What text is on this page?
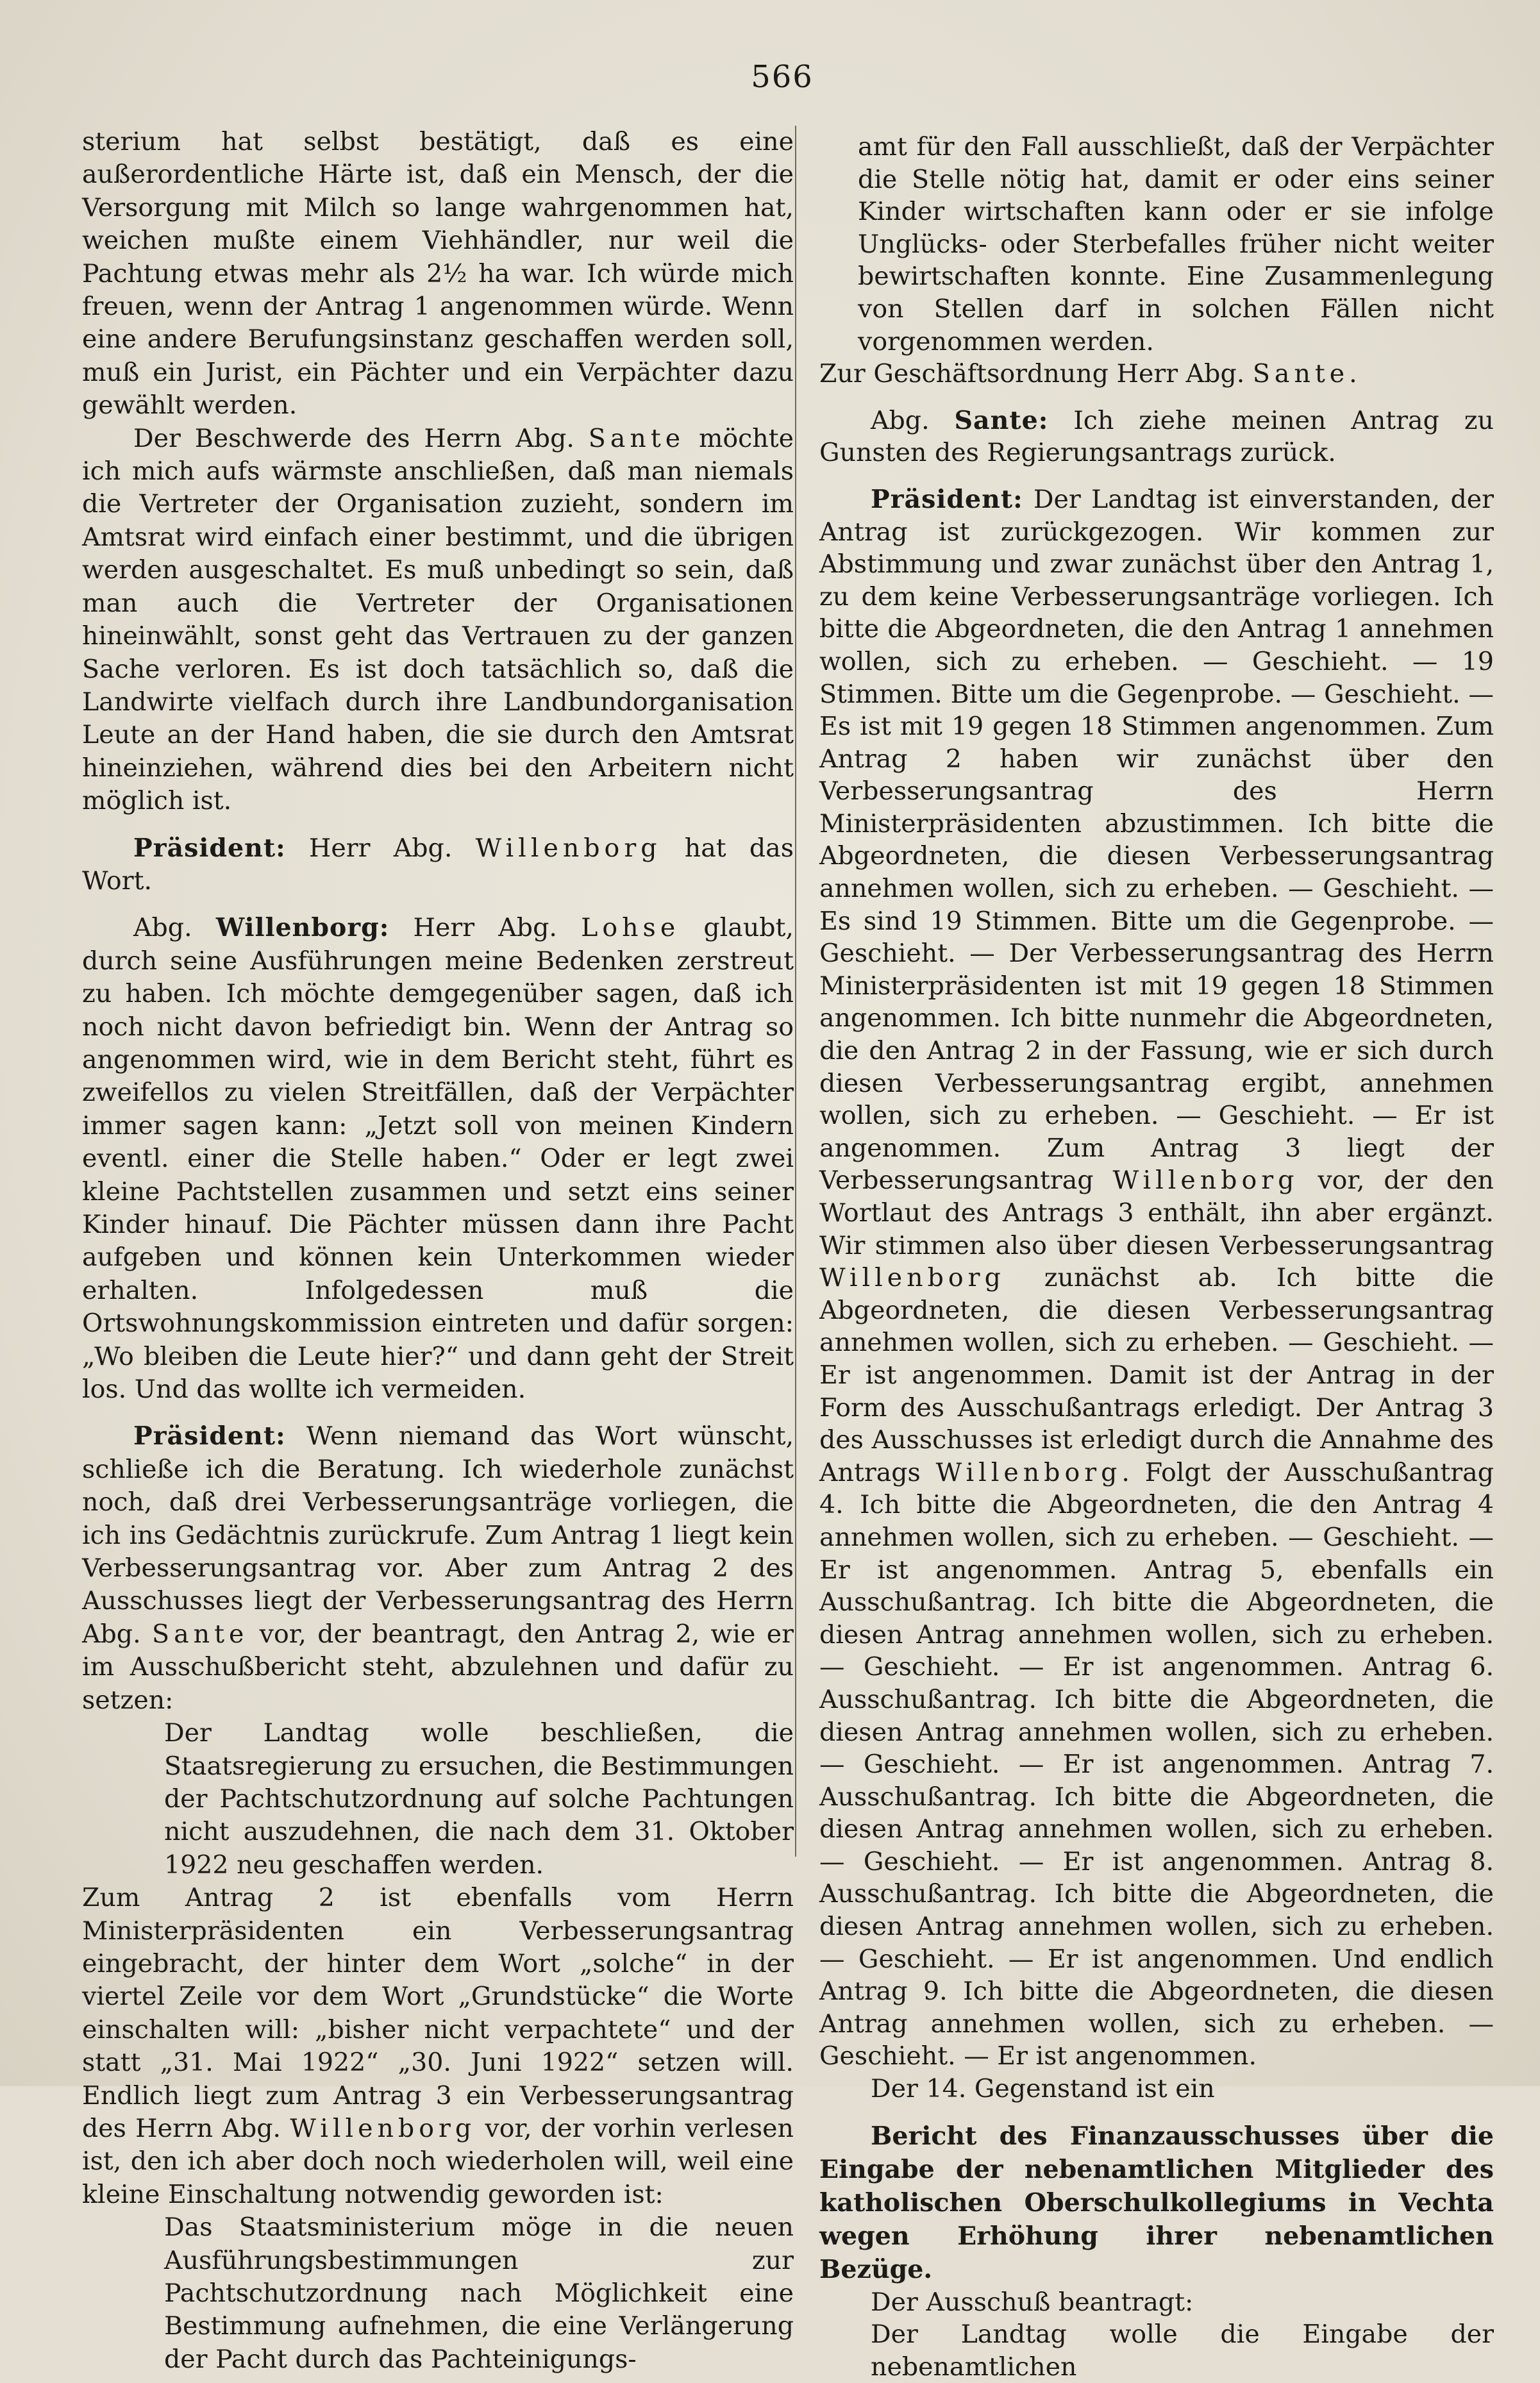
566

sterium hat selbst bestätigt, daß es eine außerordentliche Härte ist, daß ein Mensch, der die Versorgung mit Milch so lange wahrgenommen hat, weichen mußte einem Viehhändler, nur weil die Pachtung etwas mehr als 2½ ha war. Ich würde mich freuen, wenn der Antrag 1 angenommen würde. Wenn eine andere Berufungsinstanz geschaffen werden soll, muß ein Jurist, ein Pächter und ein Verpächter dazu gewählt werden.

Der Beschwerde des Herrn Abg. Sante möchte ich mich aufs wärmste anschließen, daß man niemals die Vertreter der Organisation zuzieht, sondern im Amtsrat wird einfach einer bestimmt, und die übrigen werden ausgeschaltet. Es muß unbedingt so sein, daß man auch die Vertreter der Organisationen hineinwählt, sonst geht das Vertrauen zu der ganzen Sache verloren. Es ist doch tatsächlich so, daß die Landwirte vielfach durch ihre Landbundorganisation Leute an der Hand haben, die sie durch den Amtsrat hineinziehen, während dies bei den Arbeitern nicht möglich ist.

Präsident: Herr Abg. Willenborg hat das Wort.

Abg. Willenborg: Herr Abg. Lohse glaubt, durch seine Ausführungen meine Bedenken zerstreut zu haben. Ich möchte demgegenüber sagen, daß ich noch nicht davon befriedigt bin. Wenn der Antrag so angenommen wird, wie in dem Bericht steht, führt es zweifellos zu vielen Streitfällen, daß der Verpächter immer sagen kann: „Jetzt soll von meinen Kindern eventl. einer die Stelle haben.“ Oder er legt zwei kleine Pachtstellen zusammen und setzt eins seiner Kinder hinauf. Die Pächter müssen dann ihre Pacht aufgeben und können kein Unterkommen wieder erhalten. Infolgedessen muß die Ortswohnungskommission eintreten und dafür sorgen: „Wo bleiben die Leute hier?“ und dann geht der Streit los. Und das wollte ich vermeiden.

Präsident: Wenn niemand das Wort wünscht, schließe ich die Beratung. Ich wiederhole zunächst noch, daß drei Verbesserungsanträge vorliegen, die ich ins Gedächtnis zurückrufe. Zum Antrag 1 liegt kein Verbesserungsantrag vor. Aber zum Antrag 2 des Ausschusses liegt der Verbesserungsantrag des Herrn Abg. Sante vor, der beantragt, den Antrag 2, wie er im Ausschußbericht steht, abzulehnen und dafür zu setzen:

Der Landtag wolle beschließen, die Staatsregierung zu ersuchen, die Bestimmungen der Pachtschutzordnung auf solche Pachtungen nicht auszudehnen, die nach dem 31. Oktober 1922 neu geschaffen werden.

Zum Antrag 2 ist ebenfalls vom Herrn Ministerpräsidenten ein Verbesserungsantrag eingebracht, der hinter dem Wort „solche“ in der viertel Zeile vor dem Wort „Grundstücke“ die Worte einschalten will: „bisher nicht verpachtete“ und der statt „31. Mai 1922“ „30. Juni 1922“ setzen will. Endlich liegt zum Antrag 3 ein Verbesserungsantrag des Herrn Abg. Willenborg vor, der vorhin verlesen ist, den ich aber doch noch wiederholen will, weil eine kleine Einschaltung notwendig geworden ist:

Das Staatsministerium möge in die neuen Ausführungsbestimmungen zur Pachtschutzordnung nach Möglichkeit eine Bestimmung aufnehmen, die eine Verlängerung der Pacht durch das Pachteinigungs-

amt für den Fall ausschließt, daß der Verpächter die Stelle nötig hat, damit er oder eins seiner Kinder wirtschaften kann oder er sie infolge Unglücks- oder Sterbefalles früher nicht weiter bewirtschaften konnte. Eine Zusammenlegung von Stellen darf in solchen Fällen nicht vorgenommen werden.

Zur Geschäftsordnung Herr Abg. Sante.

Abg. Sante: Ich ziehe meinen Antrag zu Gunsten des Regierungsantrags zurück.

Präsident: Der Landtag ist einverstanden, der Antrag ist zurückgezogen. Wir kommen zur Abstimmung und zwar zunächst über den Antrag 1, zu dem keine Verbesserungsanträge vorliegen. Ich bitte die Abgeordneten, die den Antrag 1 annehmen wollen, sich zu erheben. — Geschieht. — 19 Stimmen. Bitte um die Gegenprobe. — Geschieht. — Es ist mit 19 gegen 18 Stimmen angenommen. Zum Antrag 2 haben wir zunächst über den Verbesserungsantrag des Herrn Ministerpräsidenten abzustimmen. Ich bitte die Abgeordneten, die diesen Verbesserungsantrag annehmen wollen, sich zu erheben. — Geschieht. — Es sind 19 Stimmen. Bitte um die Gegenprobe. — Geschieht. — Der Verbesserungsantrag des Herrn Ministerpräsidenten ist mit 19 gegen 18 Stimmen angenommen. Ich bitte nunmehr die Abgeordneten, die den Antrag 2 in der Fassung, wie er sich durch diesen Verbesserungsantrag ergibt, annehmen wollen, sich zu erheben. — Geschieht. — Er ist angenommen. Zum Antrag 3 liegt der Verbesserungsantrag Willenborg vor, der den Wortlaut des Antrags 3 enthält, ihn aber ergänzt. Wir stimmen also über diesen Verbesserungsantrag Willenborg zunächst ab. Ich bitte die Abgeordneten, die diesen Verbesserungsantrag annehmen wollen, sich zu erheben. — Geschieht. — Er ist angenommen. Damit ist der Antrag in der Form des Ausschußantrags erledigt. Der Antrag 3 des Ausschusses ist erledigt durch die Annahme des Antrags Willenborg. Folgt der Ausschußantrag 4. Ich bitte die Abgeordneten, die den Antrag 4 annehmen wollen, sich zu erheben. — Geschieht. — Er ist angenommen. Antrag 5, ebenfalls ein Ausschußantrag. Ich bitte die Abgeordneten, die diesen Antrag annehmen wollen, sich zu erheben. — Geschieht. — Er ist angenommen. Antrag 6. Ausschußantrag. Ich bitte die Abgeordneten, die diesen Antrag annehmen wollen, sich zu erheben. — Geschieht. — Er ist angenommen. Antrag 7. Ausschußantrag. Ich bitte die Abgeordneten, die diesen Antrag annehmen wollen, sich zu erheben. — Geschieht. — Er ist angenommen. Antrag 8. Ausschußantrag. Ich bitte die Abgeordneten, die diesen Antrag annehmen wollen, sich zu erheben. — Geschieht. — Er ist angenommen. Und endlich Antrag 9. Ich bitte die Abgeordneten, die diesen Antrag annehmen wollen, sich zu erheben. — Geschieht. — Er ist angenommen.

Der 14. Gegenstand ist ein

Bericht des Finanzausschusses über die Eingabe der nebenamtlichen Mitglieder des katholischen Oberschulkollegiums in Vechta wegen Erhöhung ihrer nebenamtlichen Bezüge.

Der Ausschuß beantragt:

Der Landtag wolle die Eingabe der nebenamtlichen
